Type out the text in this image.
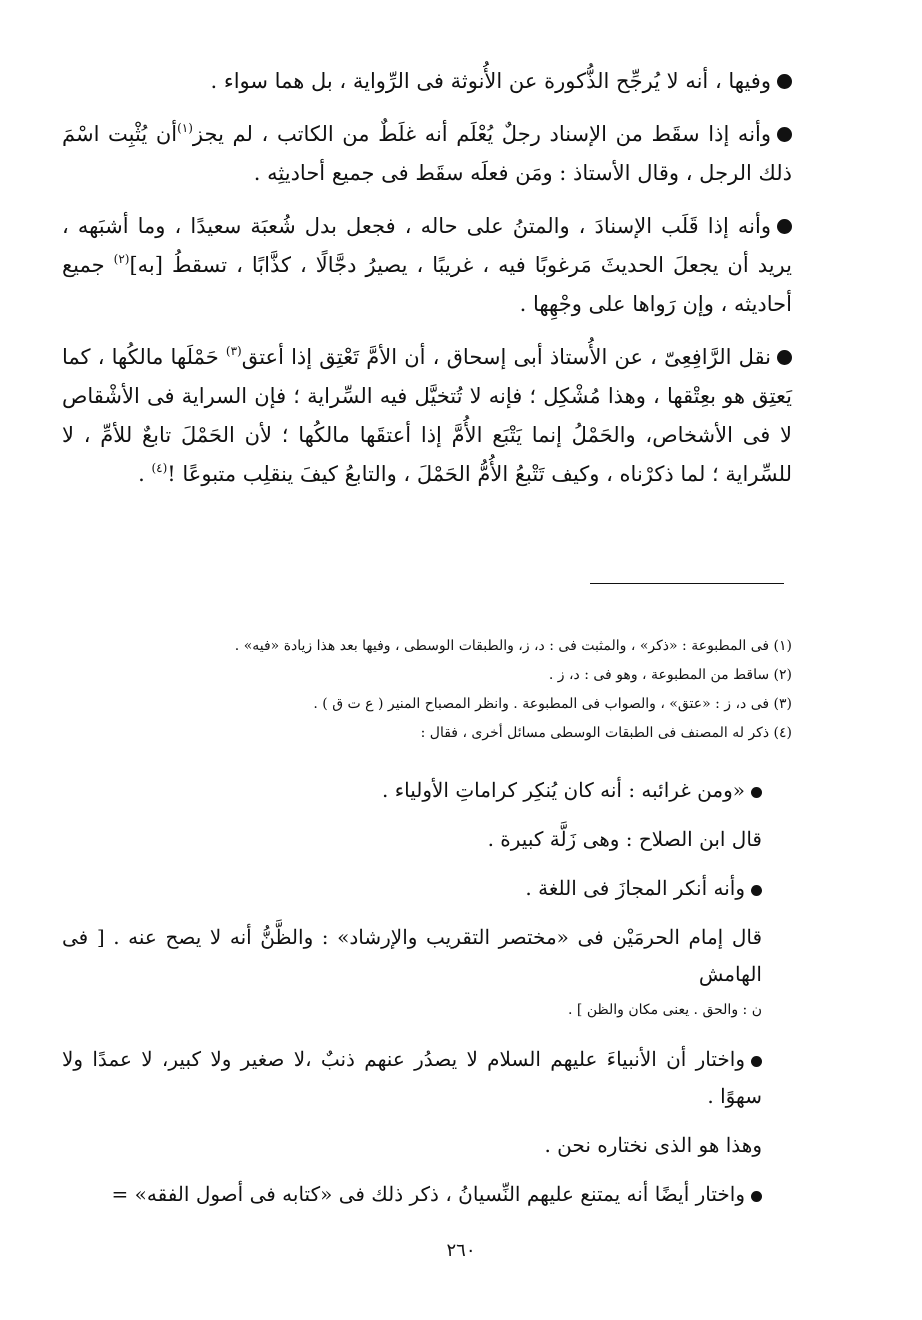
وفيها ، أنه لا يُرجِّح الذُّكورة عن الأُنوثة فى الرِّواية ، بل هما سواء .

وأنه إذا سقَط من الإسناد رجلٌ يُعْلَم أنه غلَطٌ من الكاتب ، لم يجز$^{(١)}$أن يُثْبِت اسْمَ ذلك الرجل ، وقال الأستاذ : ومَن فعلَه سقَط فى جميع أحاديثِه .

وأنه إذا قَلَب الإسنادَ ، والمتنُ على حاله ، فجعل بدل شُعبَة سعيدًا ، وما أشبَهه ، يريد أن يجعلَ الحديثَ مَرغوبًا فيه ، غريبًا ، يصيرُ دجَّالًا ، كذَّابًا ، تسقطُ [به]$^{(٢)}$ جميع أحاديثه ، وإن رَواها على وجْهِها .

نقل الرَّافِعِىّ ، عن الأُستاذ أبى إسحاق ، أن الأمَّ تَعْتِق إذا أعتق$^{(٣)}$ حَمْلَها مالكُها ، كما يَعتِق هو بعِتْقها ، وهذا مُشْكِل ؛ فإنه لا تُتخيَّل فيه السِّراية ؛ فإن السراية فى الأشْقاص لا فى الأشخاص، والحَمْلُ إنما يَتْبَع الأُمَّ إذا أعتقَها مالكُها ؛ لأن الحَمْلَ تابعٌ للأمِّ ، لا للسِّراية ؛ لما ذكرْناه ، وكيف تَتْبعُ الأُمُّ الحَمْلَ ، والتابعُ كيفَ ينقلِب متبوعًا !$^{(٤)}$ .

(١) فى المطبوعة : «ذكر» ، والمثبت فى : د، ز، والطبقات الوسطى ، وفيها بعد هذا زيادة «فيه» .

(٢) ساقط من المطبوعة ، وهو فى : د، ز .

(٣) فى د، ز : «عتق» ، والصواب فى المطبوعة . وانظر المصباح المنير ( ع ت ق ) .

(٤) ذكر له المصنف فى الطبقات الوسطى مسائل أخرى ، فقال :

«ومن غرائبه : أنه كان يُنكِر كراماتِ الأولياء .

قال ابن الصلاح : وهى زَلَّة كبيرة .

وأنه أنكر المجازَ فى اللغة .

قال إمام الحرمَيْن فى «مختصر التقريب والإرشاد» : والظَّنُّ أنه لا يصح عنه . [ فى الهامش

ن : والحق . يعنى مكان والظن ] .

واختار أن الأنبياءَ عليهم السلام لا يصدُر عنهم ذنبٌ ،لا صغير ولا كبير، لا عمدًا ولا سهوًا .

وهذا هو الذى نختاره نحن .

واختار أيضًا أنه يمتنع عليهم النِّسيانُ ، ذكر ذلك فى «كتابه فى أصول الفقه» =

٢٦٠
